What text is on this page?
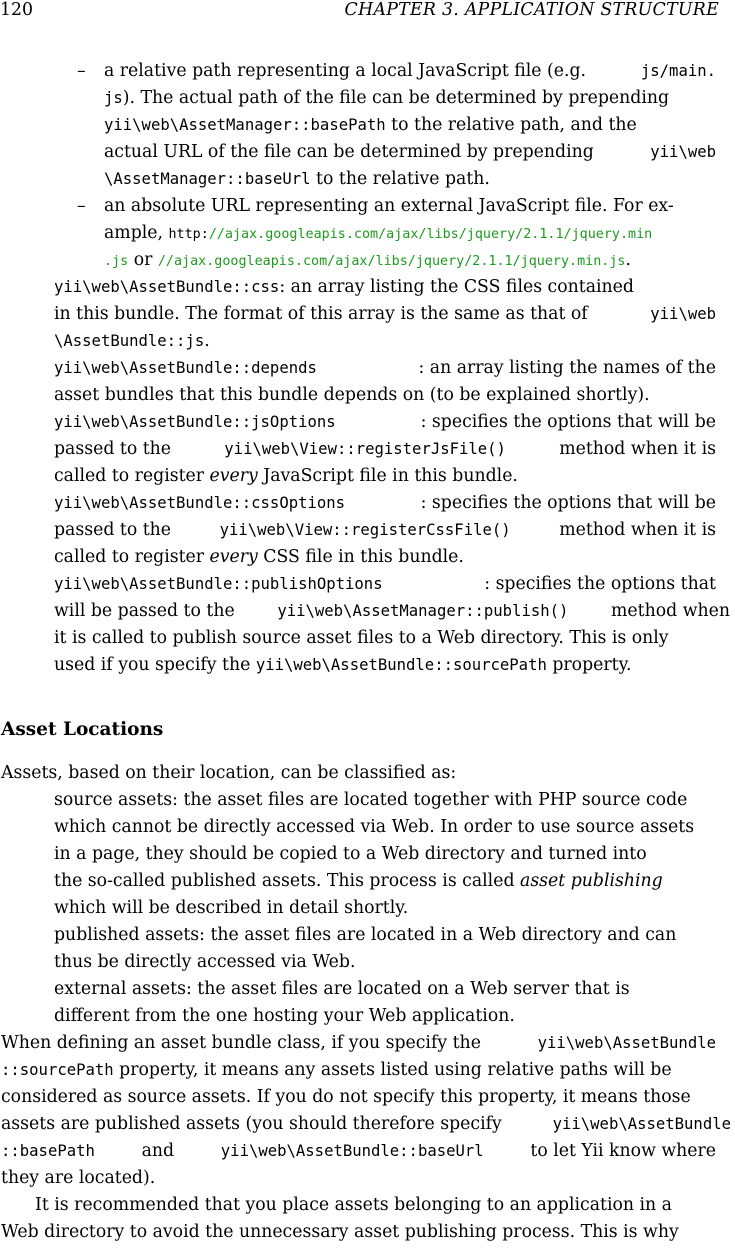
120	CHAPTER 3. APPLICATION STRUCTURE
– a relative path representing a local JavaScript file (e.g.	js/main.
js). The actual path of the file can be determined by prepending
yii\web\AssetManager::basePath to the relative path, and the
actual URL of the file can be determined by prepending	yii\web
\AssetManager::baseUrl to the relative path.
– an absolute URL representing an external JavaScript file. For ex-
ample, http://ajax.googleapis.com/ajax/libs/jquery/2.1.1/jquery.min
.js or //ajax.googleapis.com/ajax/libs/jquery/2.1.1/jquery.min.js.
yii\web\AssetBundle::css: an array listing the CSS files contained
in this bundle. The format of this array is the same as that of	yii\web
\AssetBundle::js.
yii\web\AssetBundle::depends	: an array listing the names of the
asset bundles that this bundle depends on (to be explained shortly).
yii\web\AssetBundle::jsOptions	: specifies the options that will be
passed to the	yii\web\View::registerJsFile()	method when it is
called to register every JavaScript file in this bundle.
yii\web\AssetBundle::cssOptions	: specifies the options that will be
passed to the	yii\web\View::registerCssFile()	method when it is
called to register every CSS file in this bundle.
yii\web\AssetBundle::publishOptions	: specifies the options that
will be passed to the	yii\web\AssetManager::publish() method when
it is called to publish source asset files to a Web directory. This is only
used if you specify the yii\web\AssetBundle::sourcePath property.
Asset Locations
Assets, based on their location, can be classified as:
source assets: the asset files are located together with PHP source code
which cannot be directly accessed via Web. In order to use source assets
in a page, they should be copied to a Web directory and turned into
the so-called published assets. This process is called asset publishing
which will be described in detail shortly.
published assets: the asset files are located in a Web directory and can
thus be directly accessed via Web.
external assets: the asset files are located on a Web server that is
different from the one hosting your Web application.
When defining an asset bundle class, if you specify the	yii\web\AssetBundle
::sourcePath property, it means any assets listed using relative paths will be
considered as source assets. If you do not specify this property, it means those
assets are published assets (you should therefore specify	yii\web\AssetBundle
::basePath	and	yii\web\AssetBundle::baseUrl	to let Yii know where
they are located).
It is recommended that you place assets belonging to an application in a
Web directory to avoid the unnecessary asset publishing process. This is why
